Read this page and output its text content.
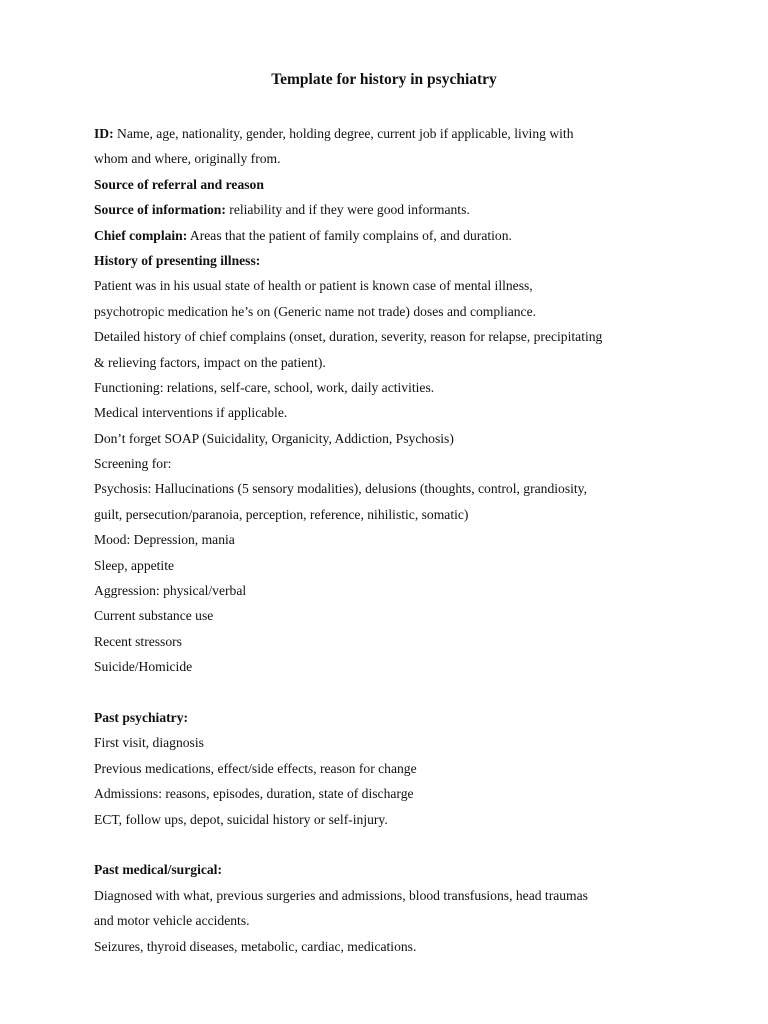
Template for history in psychiatry
ID: Name, age, nationality, gender, holding degree, current job if applicable, living with
whom and where, originally from.
Source of referral and reason
Source of information: reliability and if they were good informants.
Chief complain: Areas that the patient of family complains of, and duration.
History of presenting illness:
Patient was in his usual state of health or patient is known case of mental illness,
psychotropic medication he’s on (Generic name not trade) doses and compliance.
Detailed history of chief complains (onset, duration, severity, reason for relapse, precipitating
& relieving factors, impact on the patient).
Functioning: relations, self-care, school, work, daily activities.
Medical interventions if applicable.
Don’t forget SOAP (Suicidality, Organicity, Addiction, Psychosis)
Screening for:
Psychosis: Hallucinations (5 sensory modalities), delusions (thoughts, control, grandiosity,
guilt, persecution/paranoia, perception, reference, nihilistic, somatic)
Mood: Depression, mania
Sleep, appetite
Aggression: physical/verbal
Current substance use
Recent stressors
Suicide/Homicide
Past psychiatry:
First visit, diagnosis
Previous medications, effect/side effects, reason for change
Admissions: reasons, episodes, duration, state of discharge
ECT, follow ups, depot, suicidal history or self-injury.
Past medical/surgical:
Diagnosed with what, previous surgeries and admissions, blood transfusions, head traumas
and motor vehicle accidents.
Seizures, thyroid diseases, metabolic, cardiac, medications.
